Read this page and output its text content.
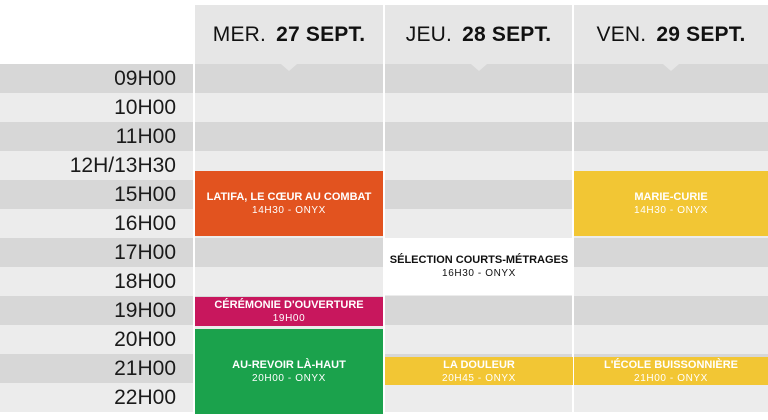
MER. 27 SEPT. JEU. 28 SEPT. VEN. 29 SEPT.
09H00
10H00
11H00
12H/13H30
15H00
16H00
17H00
18H00
19H00
20H00
21H00
22H00
LATIFA, LE CŒUR AU COMBAT
14H30 - ONYX
CÉRÉMONIE D'OUVERTURE
19H00
AU-REVOIR LÀ-HAUT
20H00 - ONYX
SÉLECTION COURTS-MÉTRAGES
16H30 - ONYX
LA DOULEUR
20H45 - ONYX
MARIE-CURIE
14H30 - ONYX
L'ÉCOLE BUISSONNIÈRE
21H00 - ONYX
